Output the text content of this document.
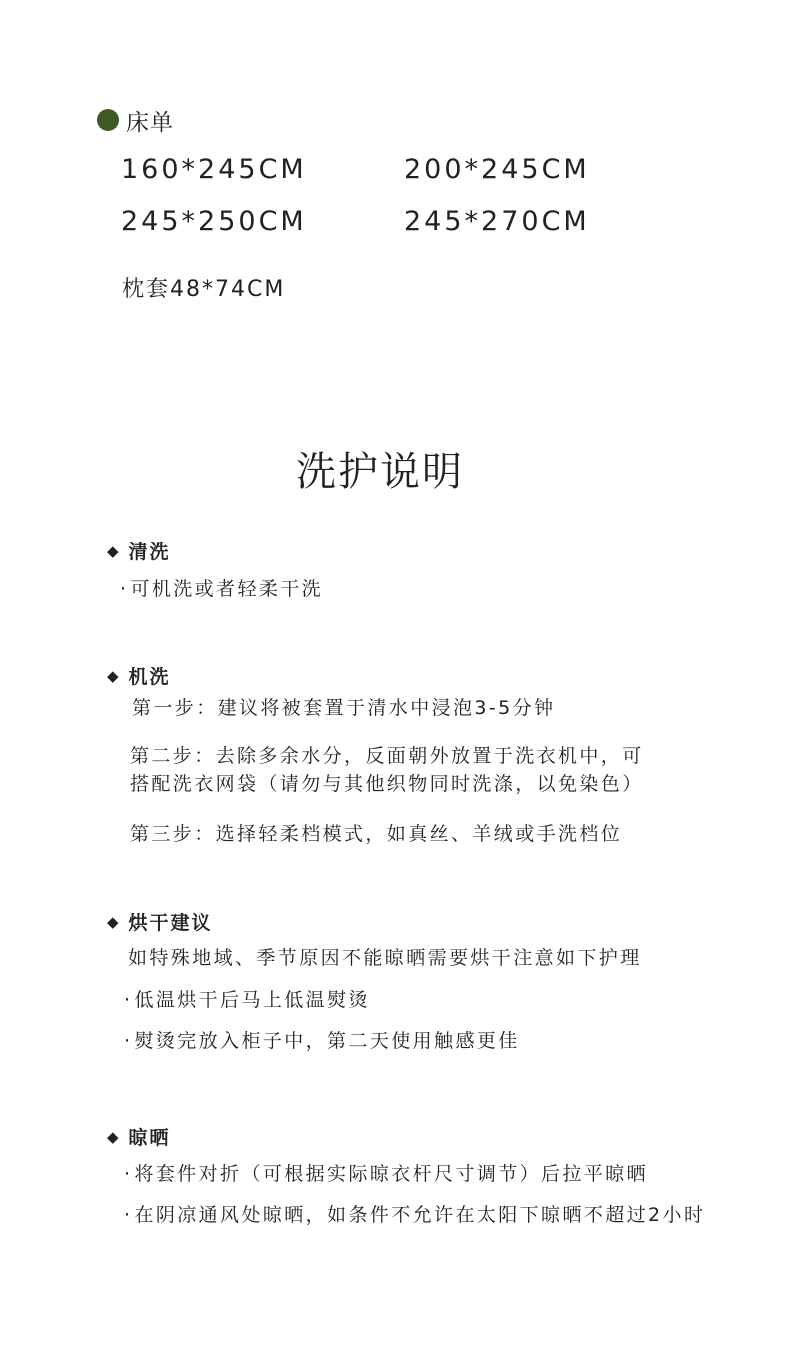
床单
160*245CM	200*245CM
245*250CM	245*270CM
枕套48*74CM
洗护说明
◆ 清洗
· 可机洗或者轻柔干洗
◆ 机洗
第一步：建议将被套置于清水中浸泡3-5分钟
第二步：去除多余水分，反面朝外放置于洗衣机中，可
搭配洗衣网袋（请勿与其他织物同时洗涤，以免染色）
第三步：选择轻柔档模式，如真丝、羊绒或手洗档位
◆ 烘干建议
如特殊地域、季节原因不能晾晒需要烘干注意如下护理
· 低温烘干后马上低温熨烫
· 熨烫完放入柜子中，第二天使用触感更佳
◆ 晾晒
· 将套件对折（可根据实际晾衣杆尺寸调节）后拉平晾晒
· 在阴凉通风处晾晒，如条件不允许在太阳下晾晒不超过2小时
